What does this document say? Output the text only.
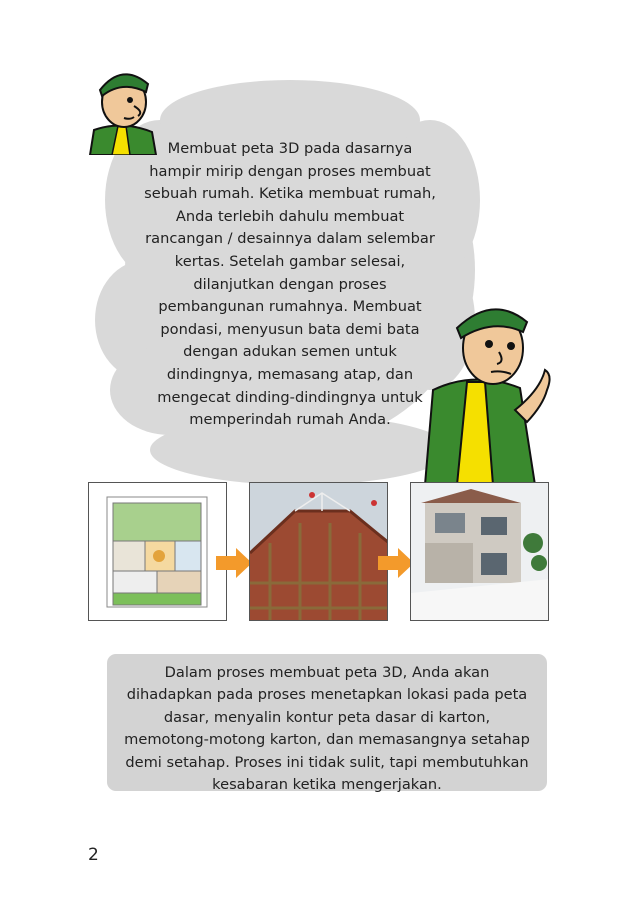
Membuat peta 3D pada dasarnya

hampir mirip dengan proses membuat

sebuah rumah. Ketika membuat rumah,

Anda terlebih dahulu membuat

rancangan / desainnya dalam selembar

kertas. Setelah gambar selesai,

dilanjutkan dengan proses

pembangunan rumahnya. Membuat

pondasi, menyusun bata demi bata

dengan adukan semen untuk

dindingnya, memasang atap, dan

mengecat dinding-dindingnya untuk

memperindah rumah Anda.

Dalam proses membuat peta 3D, Anda akan

dihadapkan pada proses menetapkan lokasi pada peta

dasar, menyalin kontur peta dasar di karton,

memotong-motong karton, dan memasangnya setahap

demi setahap. Proses ini tidak sulit, tapi membutuhkan

kesabaran ketika mengerjakan.

2
